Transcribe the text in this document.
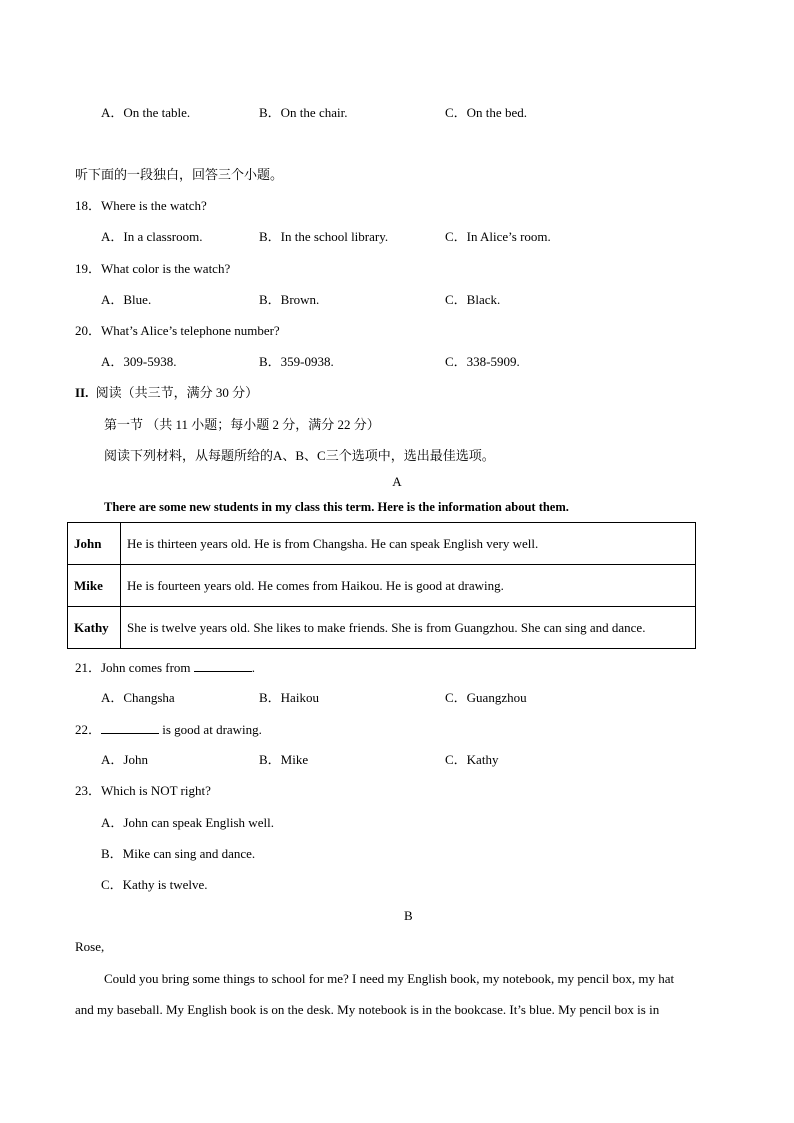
A．On the table.	B．On the chair.	C．On the bed.
听下面的一段独白，回答三个小题。
18．Where is the watch?
A．In a classroom.	B．In the school library.	C．In Alice’s room.
19．What color is the watch?
A．Blue.	B．Brown.	C．Black.
20．What’s Alice’s telephone number?
A．309-5938.	B．359-0938.	C．338-5909.
II. 阅读（共三节，满分 30 分）
第一节 （共 11 小题；每小题 2 分，满分 22 分）
阅读下列材料，从每题所给的A、B、C三个选项中，选出最佳选项。
A
There are some new students in my class this term. Here is the information about them.
John	He is thirteen years old. He is from Changsha. He can speak English very well.
Mike	He is fourteen years old. He comes from Haikou. He is good at drawing.
Kathy	She is twelve years old. She likes to make friends. She is from Guangzhou. She can sing and dance.
21．John comes from	.
A．Changsha	B．Haikou	C．Guangzhou
22．	is good at drawing.
A．John	B．Mike	C．Kathy
23．Which is NOT right?
A．John can speak English well.
B．Mike can sing and dance.
C．Kathy is twelve.
B
Rose,
Could you bring some things to school for me? I need my English book, my notebook, my pencil box, my hat
and my baseball. My English book is on the desk. My notebook is in the bookcase. It’s blue. My pencil box is in
